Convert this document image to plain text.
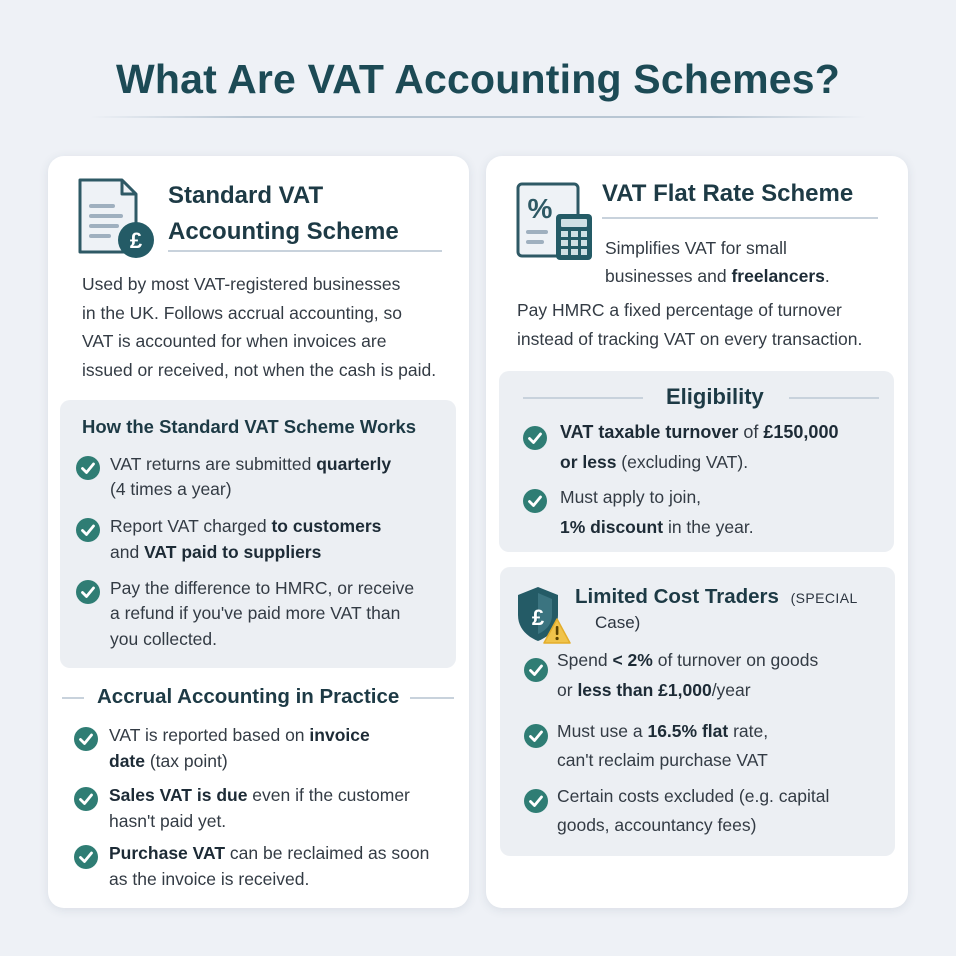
What Are VAT Accounting Schemes?
£
Standard VAT
Accounting Scheme
Used by most VAT-registered businesses
in the UK. Follows accrual accounting, so
VAT is accounted for when invoices are
issued or received, not when the cash is paid.
How the Standard VAT Scheme Works
VAT returns are submitted quarterly
(4 times a year)
Report VAT charged to customers
and VAT paid to suppliers
Pay the difference to HMRC, or receive
a refund if you've paid more VAT than
you collected.
Accrual Accounting in Practice
VAT is reported based on invoice
date (tax point)
Sales VAT is due even if the customer
hasn't paid yet.
Purchase VAT can be reclaimed as soon
as the invoice is received.
% VAT Flat Rate Scheme
Simplifies VAT for small
businesses and freelancers.
Pay HMRC a fixed percentage of turnover
instead of tracking VAT on every transaction.
Eligibility
VAT taxable turnover of £150,000
or less (excluding VAT).
Must apply to join,
1% discount in the year.
£
Limited Cost Traders (SPECIAL
Case)
Spend < 2% of turnover on goods
or less than £1,000/year
Must use a 16.5% flat rate,
can't reclaim purchase VAT
Certain costs excluded (e.g. capital
goods, accountancy fees)
